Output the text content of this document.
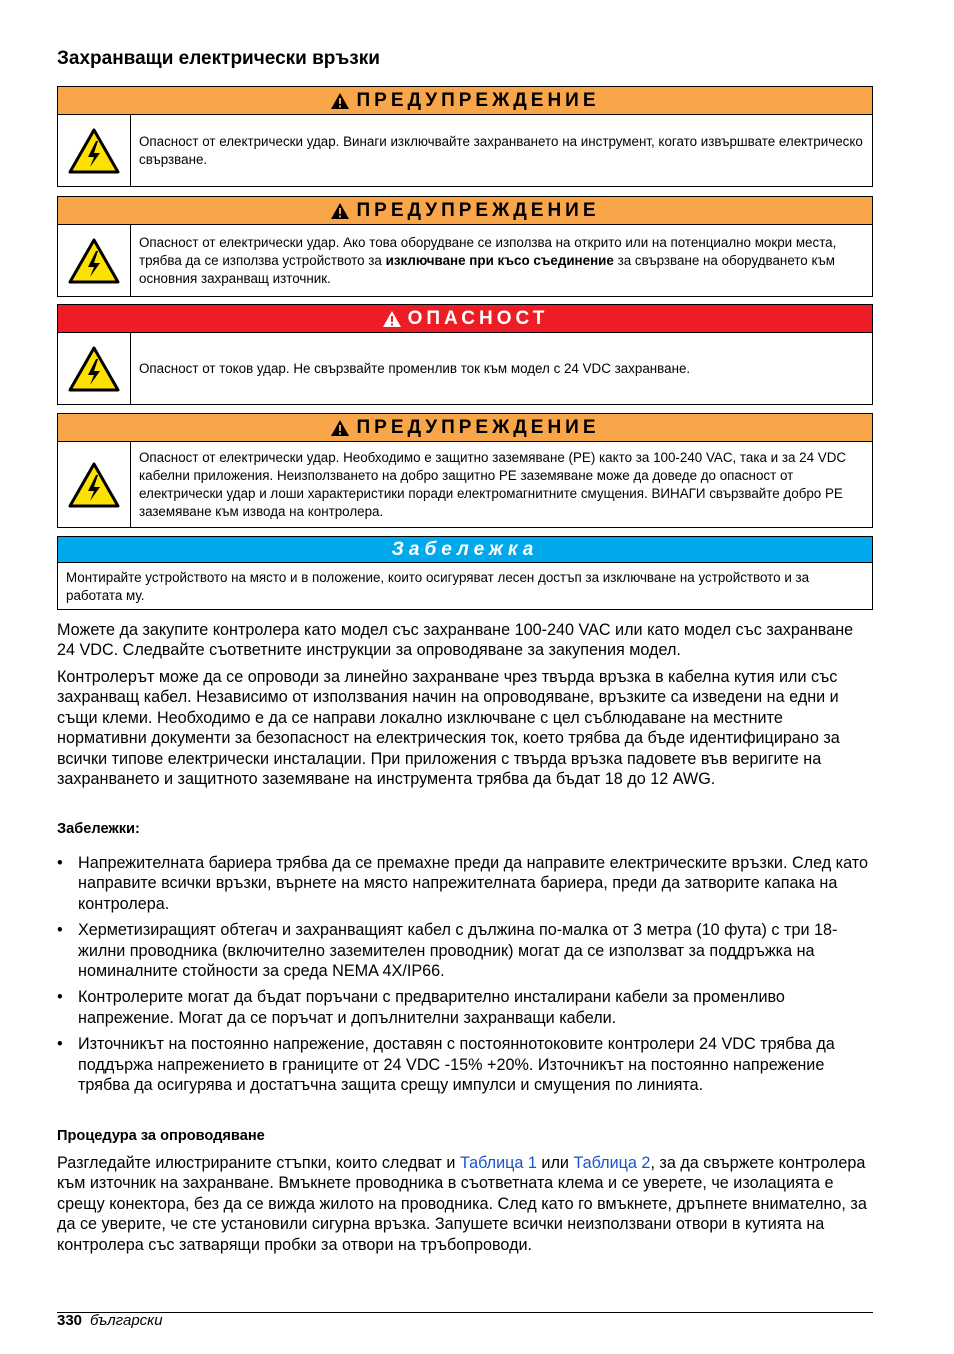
Захранващи електрически връзки
ПРЕДУПРЕЖДЕНИЕ

Опасност от електрически удар. Винаги изключвайте захранването на инструмент, когато извършвате електрическо свързване.

ПРЕДУПРЕЖДЕНИЕ

Опасност от електрически удар. Ако това оборудване се използва на открито или на потенциално мокри места, трябва да се използва устройството за изключване при късо съединение за свързване на оборудването към основния захранващ източник.

ОПАСНОСТ

Опасност от токов удар. Не свързвайте променлив ток към модел с 24 VDC захранване.

ПРЕДУПРЕЖДЕНИЕ

Опасност от електрически удар. Необходимо е защитно заземяване (PE) както за 100-240 VAC, така и за 24 VDC кабелни приложения. Неизползването на добро защитно PE заземяване може да доведе до опасност от електрически удар и лоши характеристики поради електромагнитните смущения. ВИНАГИ свързвайте добро PE заземяване към извода на контролера.

Забележка
Монтирайте устройството на място и в положение, които осигуряват лесен достъп за изключване на устройството и за работата му.

Можете да закупите контролера като модел със захранване 100-240 VAC или като модел със захранване 24 VDC. Следвайте съответните инструкции за опроводяване за закупения модел.

Контролерът може да се опроводи за линейно захранване чрез твърда връзка в кабелна кутия или със захранващ кабел. Независимо от използвания начин на опроводяване, връзките са изведени на едни и същи клеми. Необходимо е да се направи локално изключване с цел съблюдаване на местните нормативни документи за безопасност на електрическия ток, което трябва да бъде идентифицирано за всички типове електрически инсталации. При приложения с твърда връзка падовете във веригите на захранването и защитното заземяване на инструмента трябва да бъдат 18 до 12 AWG.

Забележки:

• Напрежителната бариера трябва да се премахне преди да направите електрическите връзки. След като направите всички връзки, върнете на място напрежителната бариера, преди да затворите капака на контролера.
• Херметизиращият обтегач и захранващият кабел с дължина по-малка от 3 метра (10 фута) с три 18-жилни проводника (включително заземителен проводник) могат да се използват за поддръжка на номиналните стойности за среда NEMA 4X/IP66.
• Контролерите могат да бъдат поръчани с предварително инсталирани кабели за променливо напрежение. Могат да се поръчат и допълнителни захранващи кабели.
• Източникът на постоянно напрежение, доставян с постояннотоковите контролери 24 VDC трябва да поддържа напрежението в границите от 24 VDC -15% +20%. Източникът на постоянно напрежение трябва да осигурява и достатъчна защита срещу импулси и смущения по линията.

Процедура за опроводяване

Разгледайте илюстрираните стъпки, които следват и Таблица 1 или Таблица 2, за да свържете контролера към източник на захранване. Вмъкнете проводника в съответната клема и се уверете, че изолацията е срещу конектора, без да се вижда жилото на проводника. След като го вмъкнете, дръпнете внимателно, за да се уверите, че сте установили сигурна връзка. Запушете всички неизползвани отвори в кутията на контролера със затварящи пробки за отвори на тръбопроводи.

330 български
